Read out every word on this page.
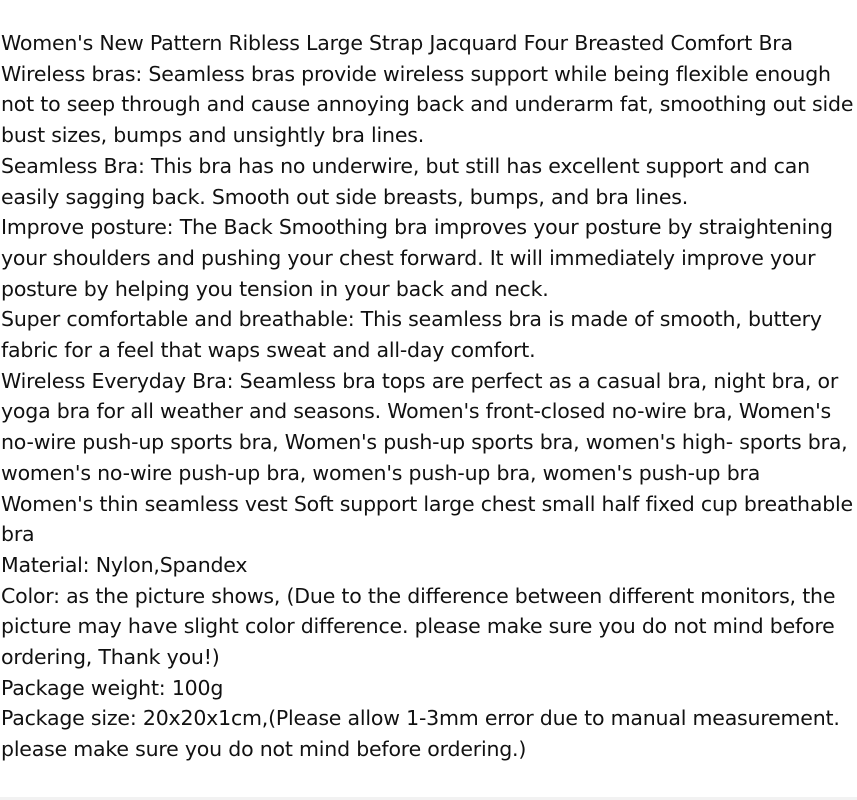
Women's New Pattern Ribless Large Strap Jacquard Four Breasted Comfort Bra
Wireless bras: Seamless bras provide wireless support while being flexible enough not to seep through and cause annoying back and underarm fat, smoothing out side bust sizes, bumps and unsightly bra lines.
Seamless Bra: This bra has no underwire, but still has excellent support and can easily sagging back. Smooth out side breasts, bumps, and bra lines.
Improve posture: The Back Smoothing bra improves your posture by straightening your shoulders and pushing your chest forward. It will immediately improve your posture by helping you tension in your back and neck.
Super comfortable and breathable: This seamless bra is made of smooth, buttery fabric for a feel that waps sweat and all-day comfort.
Wireless Everyday Bra: Seamless bra tops are perfect as a casual bra, night bra, or yoga bra for all weather and seasons. Women's front-closed no-wire bra, Women's no-wire push-up sports bra, Women's push-up sports bra, women's high- sports bra, women's no-wire push-up bra, women's push-up bra, women's push-up bra
Women's thin seamless vest Soft support large chest small half fixed cup breathable bra
Material: Nylon,Spandex
Color: as the picture shows, (Due to the difference between different monitors, the picture may have slight color difference. please make sure you do not mind before ordering, Thank you!)
Package weight: 100g
Package size: 20x20x1cm,(Please allow 1-3mm error due to manual measurement. please make sure you do not mind before ordering.)
